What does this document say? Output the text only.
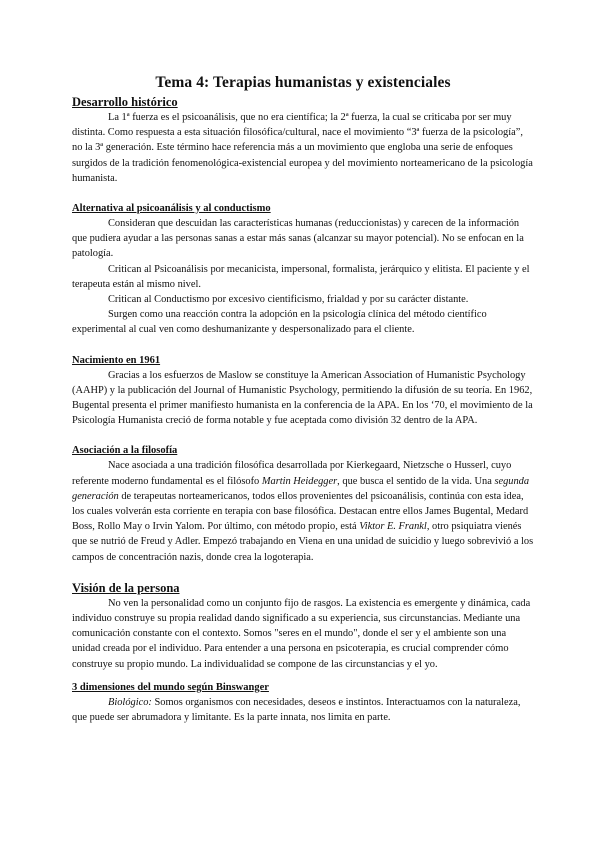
Tema 4: Terapias humanistas y existenciales
Desarrollo histórico

La 1ª fuerza es el psicoanálisis, que no era científica; la 2ª fuerza, la cual se criticaba por ser muy distinta. Como respuesta a esta situación filosófica/cultural, nace el movimiento “3ª fuerza de la psicología”, no la 3ª generación. Este término hace referencia más a un movimiento que engloba una serie de enfoques surgidos de la tradición fenomenológica-existencial europea y del movimiento norteamericano de la psicología humanista.

Alternativa al psicoanálisis y al conductismo

Consideran que descuidan las características humanas (reduccionistas) y carecen de la información que pudiera ayudar a las personas sanas a estar más sanas (alcanzar su mayor potencial). No se enfocan en la patología.

Critican al Psicoanálisis por mecanicista, impersonal, formalista, jerárquico y elitista. El paciente y el terapeuta están al mismo nivel.

Critican al Conductismo por excesivo cientificismo, frialdad y por su carácter distante.

Surgen como una reacción contra la adopción en la psicología clínica del método científico experimental al cual ven como deshumanizante y despersonalizado para el cliente.

Nacimiento en 1961

Gracias a los esfuerzos de Maslow se constituye la American Association of Humanistic Psychology (AAHP) y la publicación del Journal of Humanistic Psychology, permitiendo la difusión de su teoría. En 1962, Bugental presenta el primer manifiesto humanista en la conferencia de la APA. En los ‘70, el movimiento de la Psicología Humanista creció de forma notable y fue aceptada como división 32 dentro de la APA.

Asociación a la filosofía

Nace asociada a una tradición filosófica desarrollada por Kierkegaard, Nietzsche o Husserl, cuyo referente moderno fundamental es el filósofo Martin Heidegger, que busca el sentido de la vida. Una segunda generación de terapeutas norteamericanos, todos ellos provenientes del psicoanálisis, continúa con esta idea, los cuales volverán esta corriente en terapia con base filosófica. Destacan entre ellos James Bugental, Medard Boss, Rollo May o Irvin Yalom. Por último, con método propio, está Viktor E. Frankl, otro psiquiatra vienés que se nutrió de Freud y Adler. Empezó trabajando en Viena en una unidad de suicidio y luego sobrevivió a los campos de concentración nazis, donde crea la logoterapia.

Visión de la persona

No ven la personalidad como un conjunto fijo de rasgos. La existencia es emergente y dinámica, cada individuo construye su propia realidad dando significado a su experiencia, sus circunstancias. Mediante una comunicación constante con el contexto. Somos "seres en el mundo", donde el ser y el ambiente son una unidad creada por el individuo. Para entender a una persona en psicoterapia, es crucial comprender cómo construye su propio mundo. La individualidad se compone de las circunstancias y el yo.

3 dimensiones del mundo según Binswanger

Biológico: Somos organismos con necesidades, deseos e instintos. Interactuamos con la naturaleza, que puede ser abrumadora y limitante. Es la parte innata, nos limita en parte.
